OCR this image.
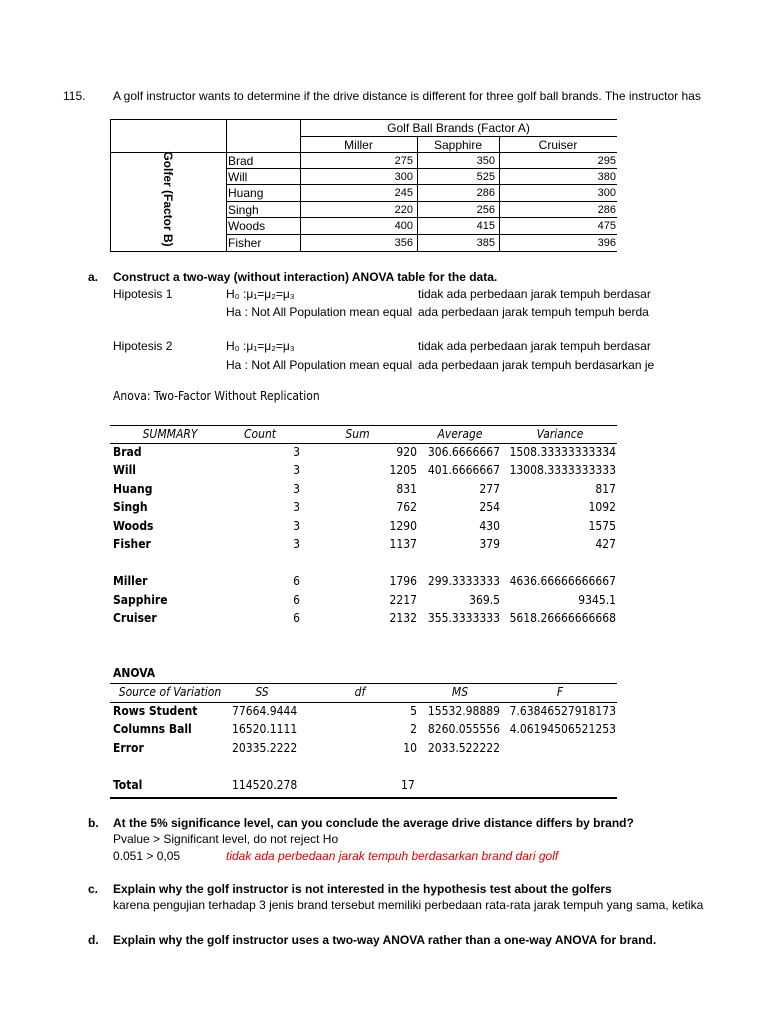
115. A golf instructor wants to determine if the drive distance is different for three golf ball brands. The instructor has
Golf Ball Brands (Factor A)
Miller	Sapphire	Cruiser
Golfer (Factor B)	Brad	275	350	295
Will	300	525	380
Huang	245	286	300
Singh	220	256	286
Woods	400	415	475
Fisher	356	385	396
a. Construct a two-way (without interaction) ANOVA table for the data.
Hipotesis 1	H₀ :μ₁=μ₂=μ₃	tidak ada perbedaan jarak tempuh berdasar
Ha : Not All Population mean equal ada perbedaan jarak tempuh tempuh berda
Hipotesis 2	H₀ :μ₁=μ₂=μ₃	tidak ada perbedaan jarak tempuh berdasar
Ha : Not All Population mean equal ada perbedaan jarak tempuh berdasarkan je
Anova: Two-Factor Without Replication
SUMMARY	Count	Sum	Average	Variance
Brad	3	920 306.6666667 1508.33333333334
Will	3	1205 401.6666667 13008.3333333333
Huang	3	831	277	817
Singh	3	762	254	1092
Woods	3	1290	430	1575
Fisher	3	1137	379	427
Miller	6	1796 299.3333333 4636.66666666667
Sapphire	6	2217	369.5	9345.1
Cruiser	6	2132 355.3333333 5618.26666666668
ANOVA
Source of Variation	SS	df	MS	F
Rows Student	77664.9444	5 15532.98889 7.63846527918173
Columns Ball	16520.1111	2 8260.055556 4.06194506521253
Error	20335.2222	10 2033.522222
Total	114520.278	17
b. At the 5% significance level, can you conclude the average drive distance differs by brand?
Pvalue > Significant level, do not reject Ho
0.051 > 0,05	tidak ada perbedaan jarak tempuh berdasarkan brand dari golf
c. Explain why the golf instructor is not interested in the hypothesis test about the golfers
karena pengujian terhadap 3 jenis brand tersebut memiliki perbedaan rata-rata jarak tempuh yang sama, ketika
d. Explain why the golf instructor uses a two-way ANOVA rather than a one-way ANOVA for brand.
